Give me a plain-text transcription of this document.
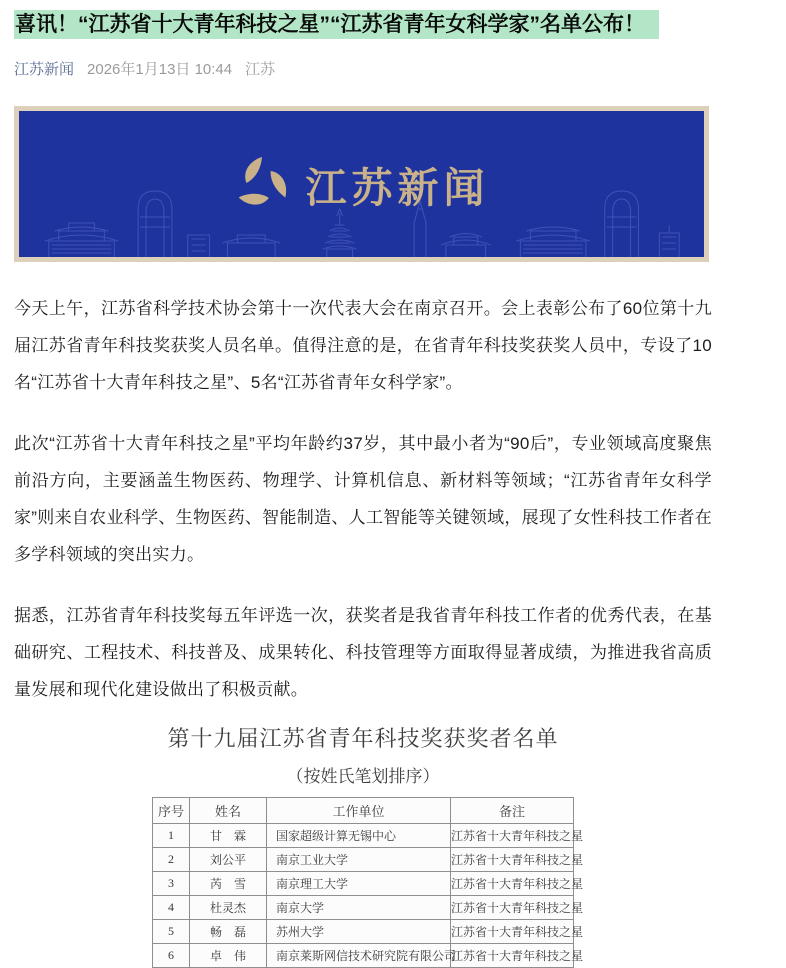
喜讯！“江苏省十大青年科技之星”“江苏省青年女科学家”名单公布！
江苏新闻 2026年1月13日 10:44 江苏
江苏新闻

今天上午，江苏省科学技术协会第十一次代表大会在南京召开。会上表彰公布了60位第十九届江苏省青年科技奖获奖人员名单。值得注意的是，在省青年科技奖获奖人员中，专设了10名“江苏省十大青年科技之星”、5名“江苏省青年女科学家”。

此次“江苏省十大青年科技之星”平均年龄约37岁，其中最小者为“90后”，专业领域高度聚焦前沿方向，主要涵盖生物医药、物理学、计算机信息、新材料等领域；“江苏省青年女科学家”则来自农业科学、生物医药、智能制造、人工智能等关键领域，展现了女性科技工作者在多学科领域的突出实力。

据悉，江苏省青年科技奖每五年评选一次，获奖者是我省青年科技工作者的优秀代表，在基础研究、工程技术、科技普及、成果转化、科技管理等方面取得显著成绩，为推进我省高质量发展和现代化建设做出了积极贡献。

第十九届江苏省青年科技奖获奖者名单
（按姓氏笔划排序）
序号	姓名	工作单位	备注
1	甘　霖	国家超级计算无锡中心	江苏省十大青年科技之星
2	刘公平	南京工业大学	江苏省十大青年科技之星
3	芮　雪	南京理工大学	江苏省十大青年科技之星
4	杜灵杰	南京大学	江苏省十大青年科技之星
5	畅　磊	苏州大学	江苏省十大青年科技之星
6	卓　伟	南京莱斯网信技术研究院有限公司	江苏省十大青年科技之星
